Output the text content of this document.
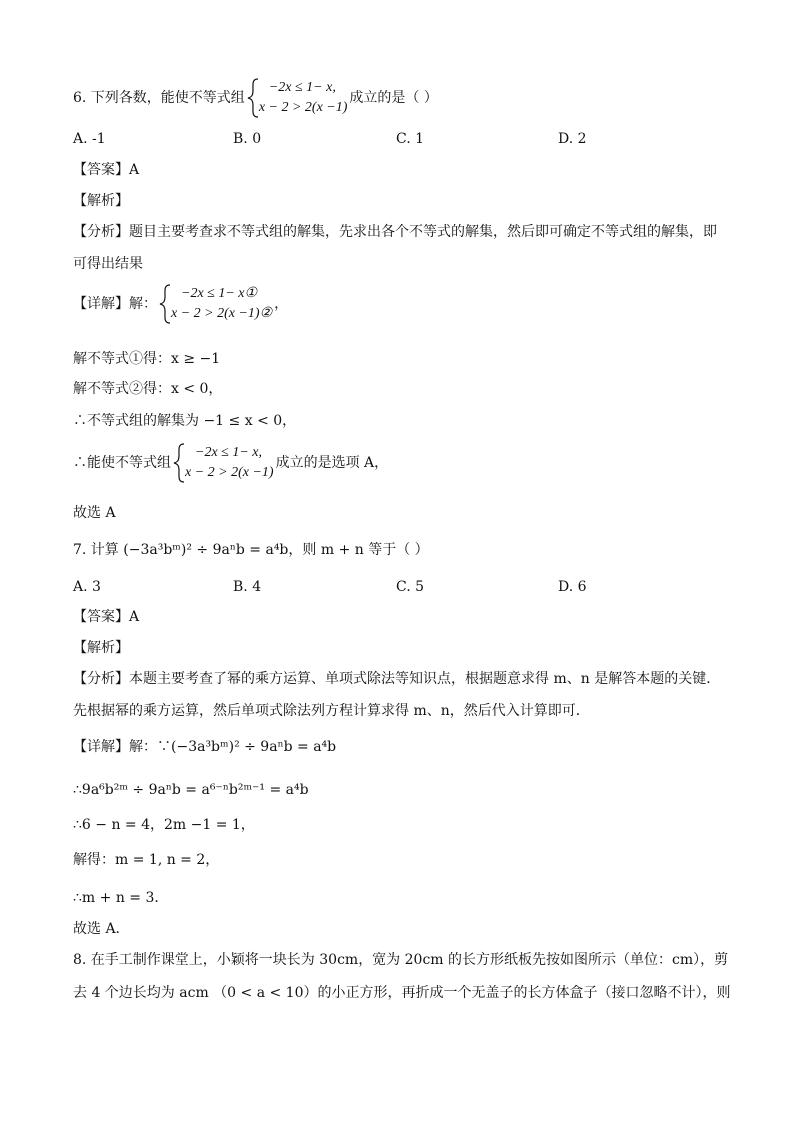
6. 下列各数，能使不等式组
−2x ≤ 1− x,
x − 2 > 2(x −1)
成立的是（ ）
A. -1	B. 0	C. 1	D. 2
【答案】A
【解析】
【分析】题目主要考查求不等式组的解集，先求出各个不等式的解集，然后即可确定不等式组的解集，即
可得出结果
【详解】解：
−2x ≤ 1− x①
x − 2 > 2(x −1)②
，
解不等式①得：x ≥ −1
解不等式②得：x < 0，
∴不等式组的解集为 −1 ≤ x < 0，
∴能使不等式组
−2x ≤ 1− x,
x − 2 > 2(x −1)
成立的是选项 A，
故选 A
7. 计算 (−3a³bᵐ)² ÷ 9aⁿb = a⁴b，则 m + n 等于（ ）
A. 3	B. 4	C. 5	D. 6
【答案】A
【解析】
【分析】本题主要考查了幂的乘方运算、单项式除法等知识点，根据题意求得 m、n 是解答本题的关键．
先根据幂的乘方运算，然后单项式除法列方程计算求得 m、n，然后代入计算即可．
【详解】解：∵(−3a³bᵐ)² ÷ 9aⁿb = a⁴b
∴9a⁶b²ᵐ ÷ 9aⁿb = a⁶⁻ⁿb²ᵐ⁻¹ = a⁴b
∴6 − n = 4，2m −1 = 1，
解得：m = 1, n = 2，
∴m + n = 3．
故选 A．
8. 在手工制作课堂上，小颖将一块长为 30cm，宽为 20cm 的长方形纸板先按如图所示（单位：cm），剪
去 4 个边长均为 acm （0 < a < 10）的小正方形，再折成一个无盖子的长方体盒子（接口忽略不计），则
